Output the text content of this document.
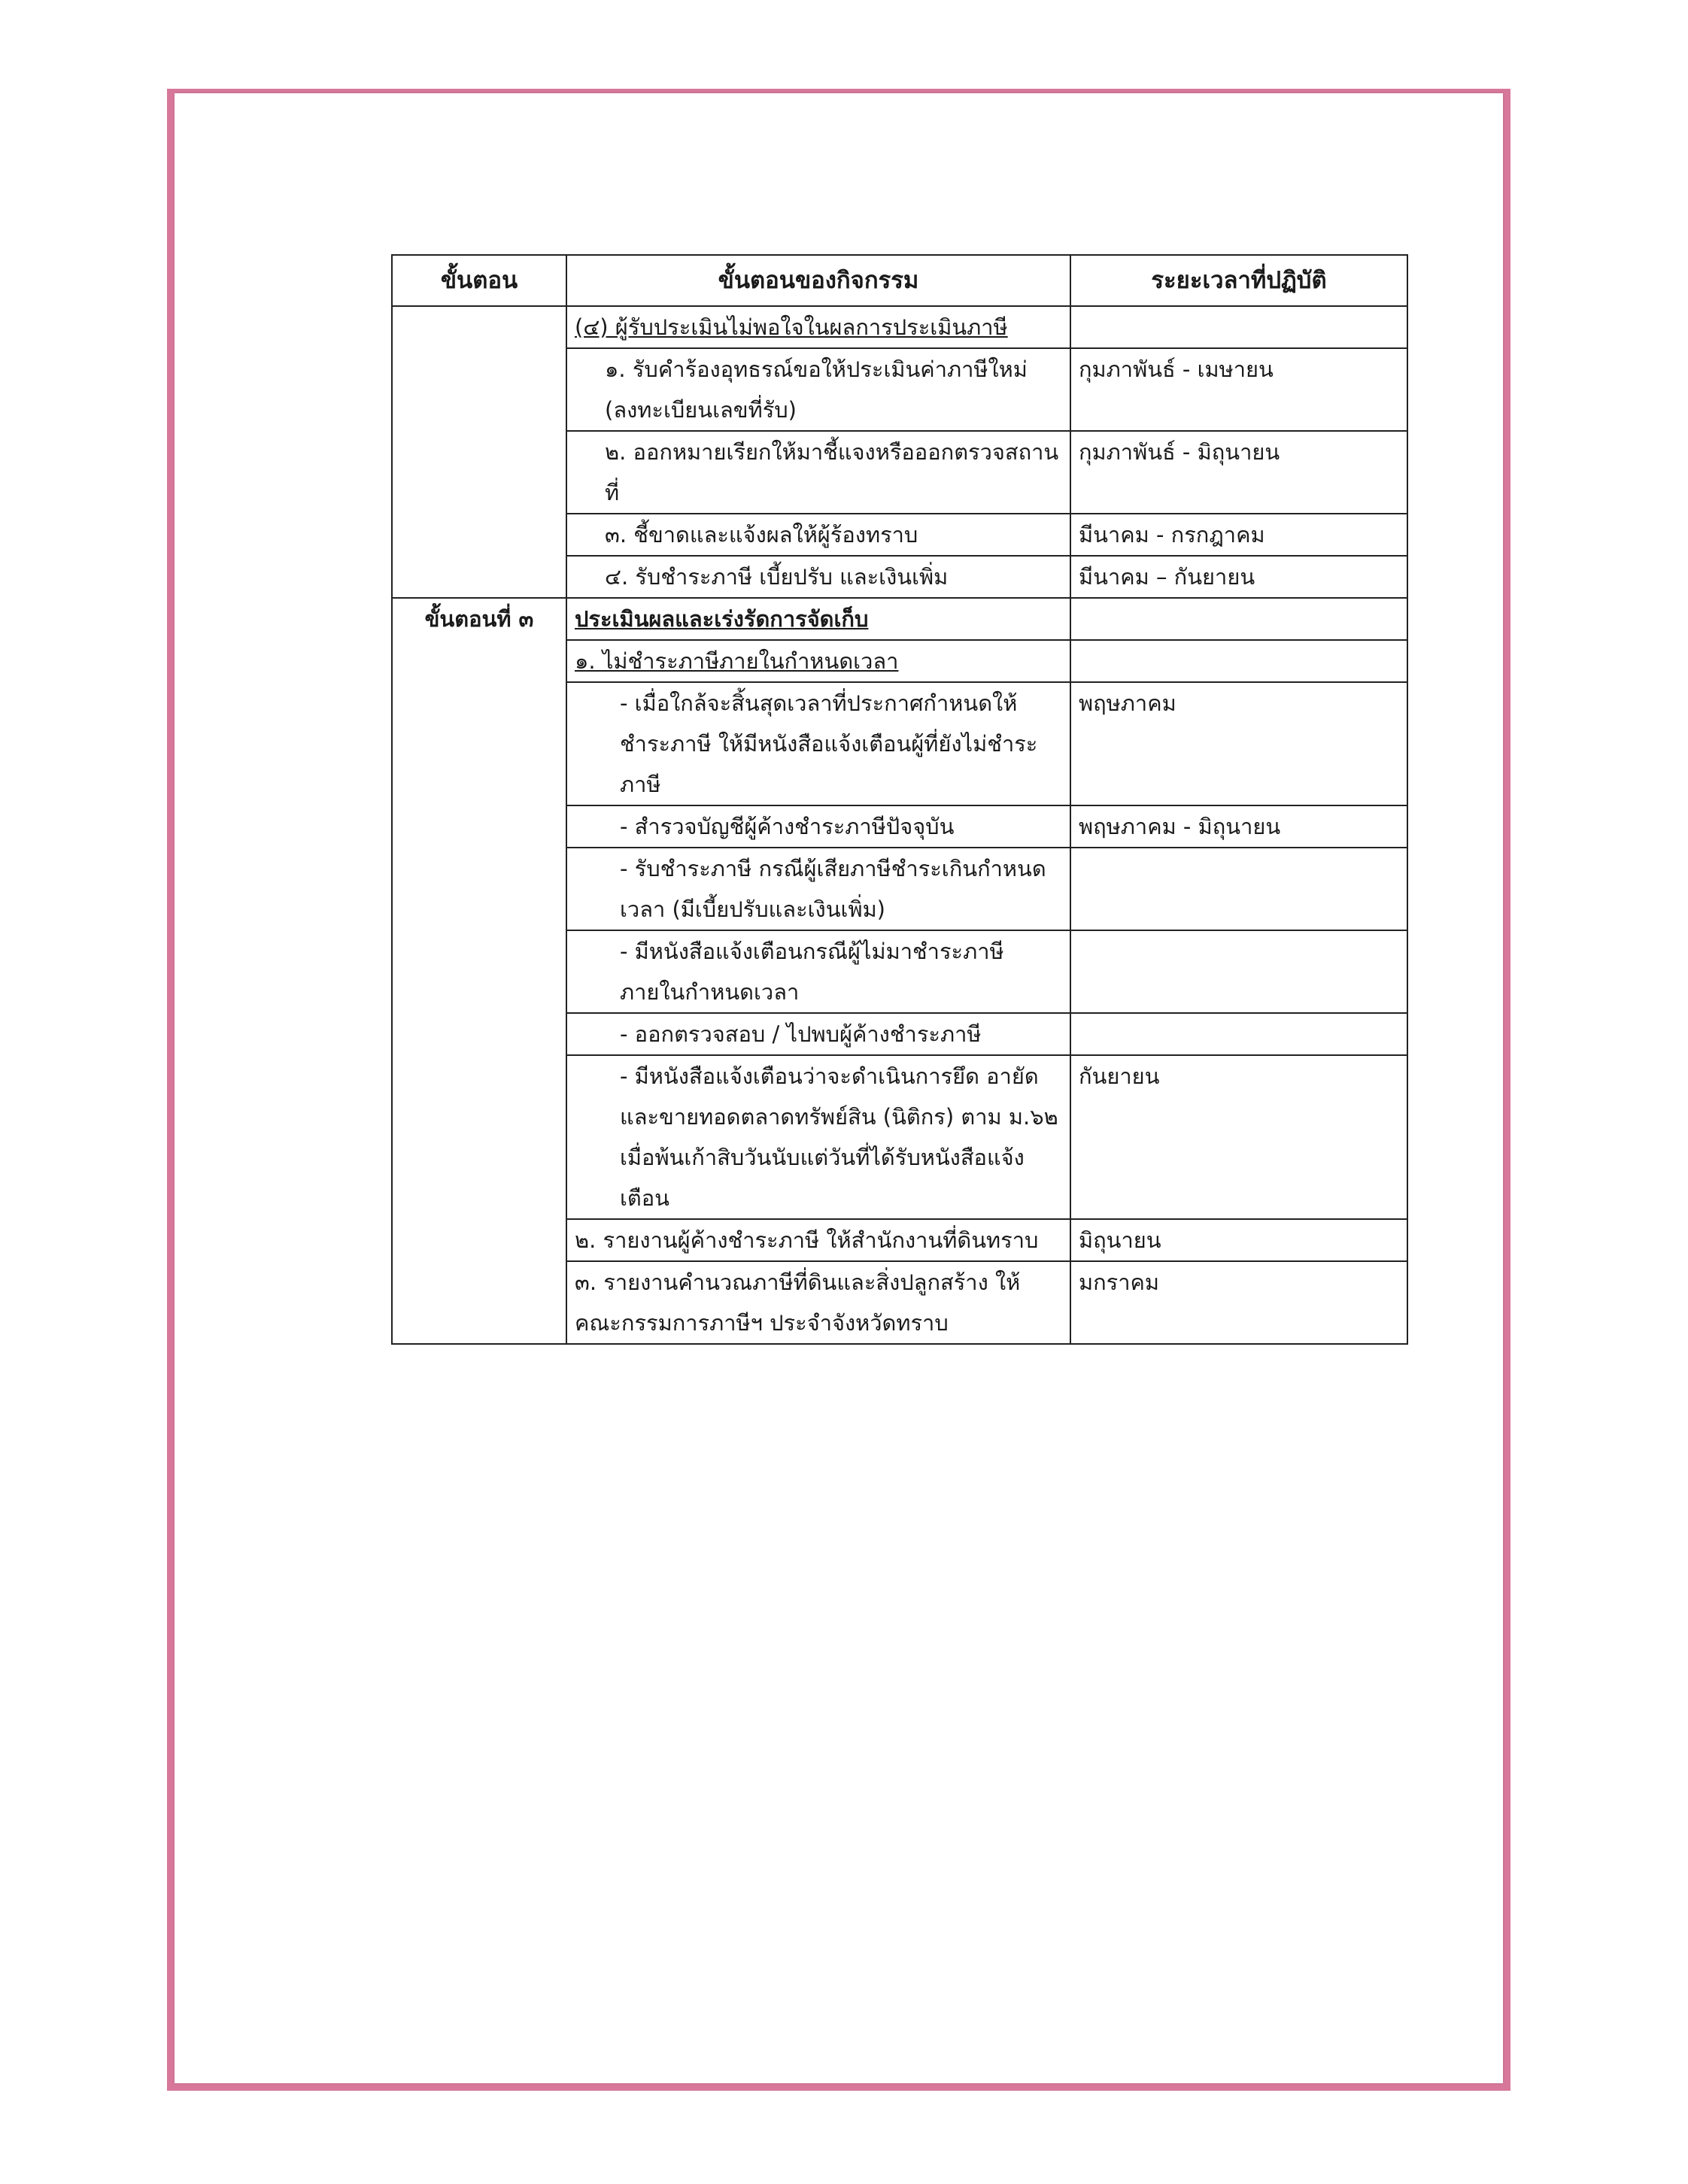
ขั้นตอน	ขั้นตอนของกิจกรรม	ระยะเวลาที่ปฏิบัติ
	(๔) ผู้รับประเมินไม่พอใจในผลการประเมินภาษี	
	๑. รับคำร้องอุทธรณ์ขอให้ประเมินค่าภาษีใหม่ (ลงทะเบียนเลขที่รับ)	กุมภาพันธ์ - เมษายน
	๒. ออกหมายเรียกให้มาชี้แจงหรือออกตรวจสถานที่	กุมภาพันธ์ - มิถุนายน
	๓. ชี้ขาดและแจ้งผลให้ผู้ร้องทราบ	มีนาคม - กรกฎาคม
	๔. รับชำระภาษี เบี้ยปรับ และเงินเพิ่ม	มีนาคม – กันยายน
ขั้นตอนที่ ๓	ประเมินผลและเร่งรัดการจัดเก็บ	
	๑. ไม่ชำระภาษีภายในกำหนดเวลา	
	- เมื่อใกล้จะสิ้นสุดเวลาที่ประกาศกำหนดให้ชำระภาษี ให้มีหนังสือแจ้งเตือนผู้ที่ยังไม่ชำระภาษี	พฤษภาคม
	- สำรวจบัญชีผู้ค้างชำระภาษีปัจจุบัน	พฤษภาคม - มิถุนายน
	- รับชำระภาษี กรณีผู้เสียภาษีชำระเกินกำหนดเวลา (มีเบี้ยปรับและเงินเพิ่ม)	
	- มีหนังสือแจ้งเตือนกรณีผู้ไม่มาชำระภาษีภายในกำหนดเวลา	
	- ออกตรวจสอบ / ไปพบผู้ค้างชำระภาษี	
	- มีหนังสือแจ้งเตือนว่าจะดำเนินการยึด อายัดและขายทอดตลาดทรัพย์สิน (นิติกร) ตาม ม.๖๒ เมื่อพ้นเก้าสิบวันนับแต่วันที่ได้รับหนังสือแจ้งเตือน	กันยายน
	๒. รายงานผู้ค้างชำระภาษี ให้สำนักงานที่ดินทราบ	มิถุนายน
	๓. รายงานคำนวณภาษีที่ดินและสิ่งปลูกสร้าง ให้คณะกรรมการภาษีฯ ประจำจังหวัดทราบ	มกราคม
